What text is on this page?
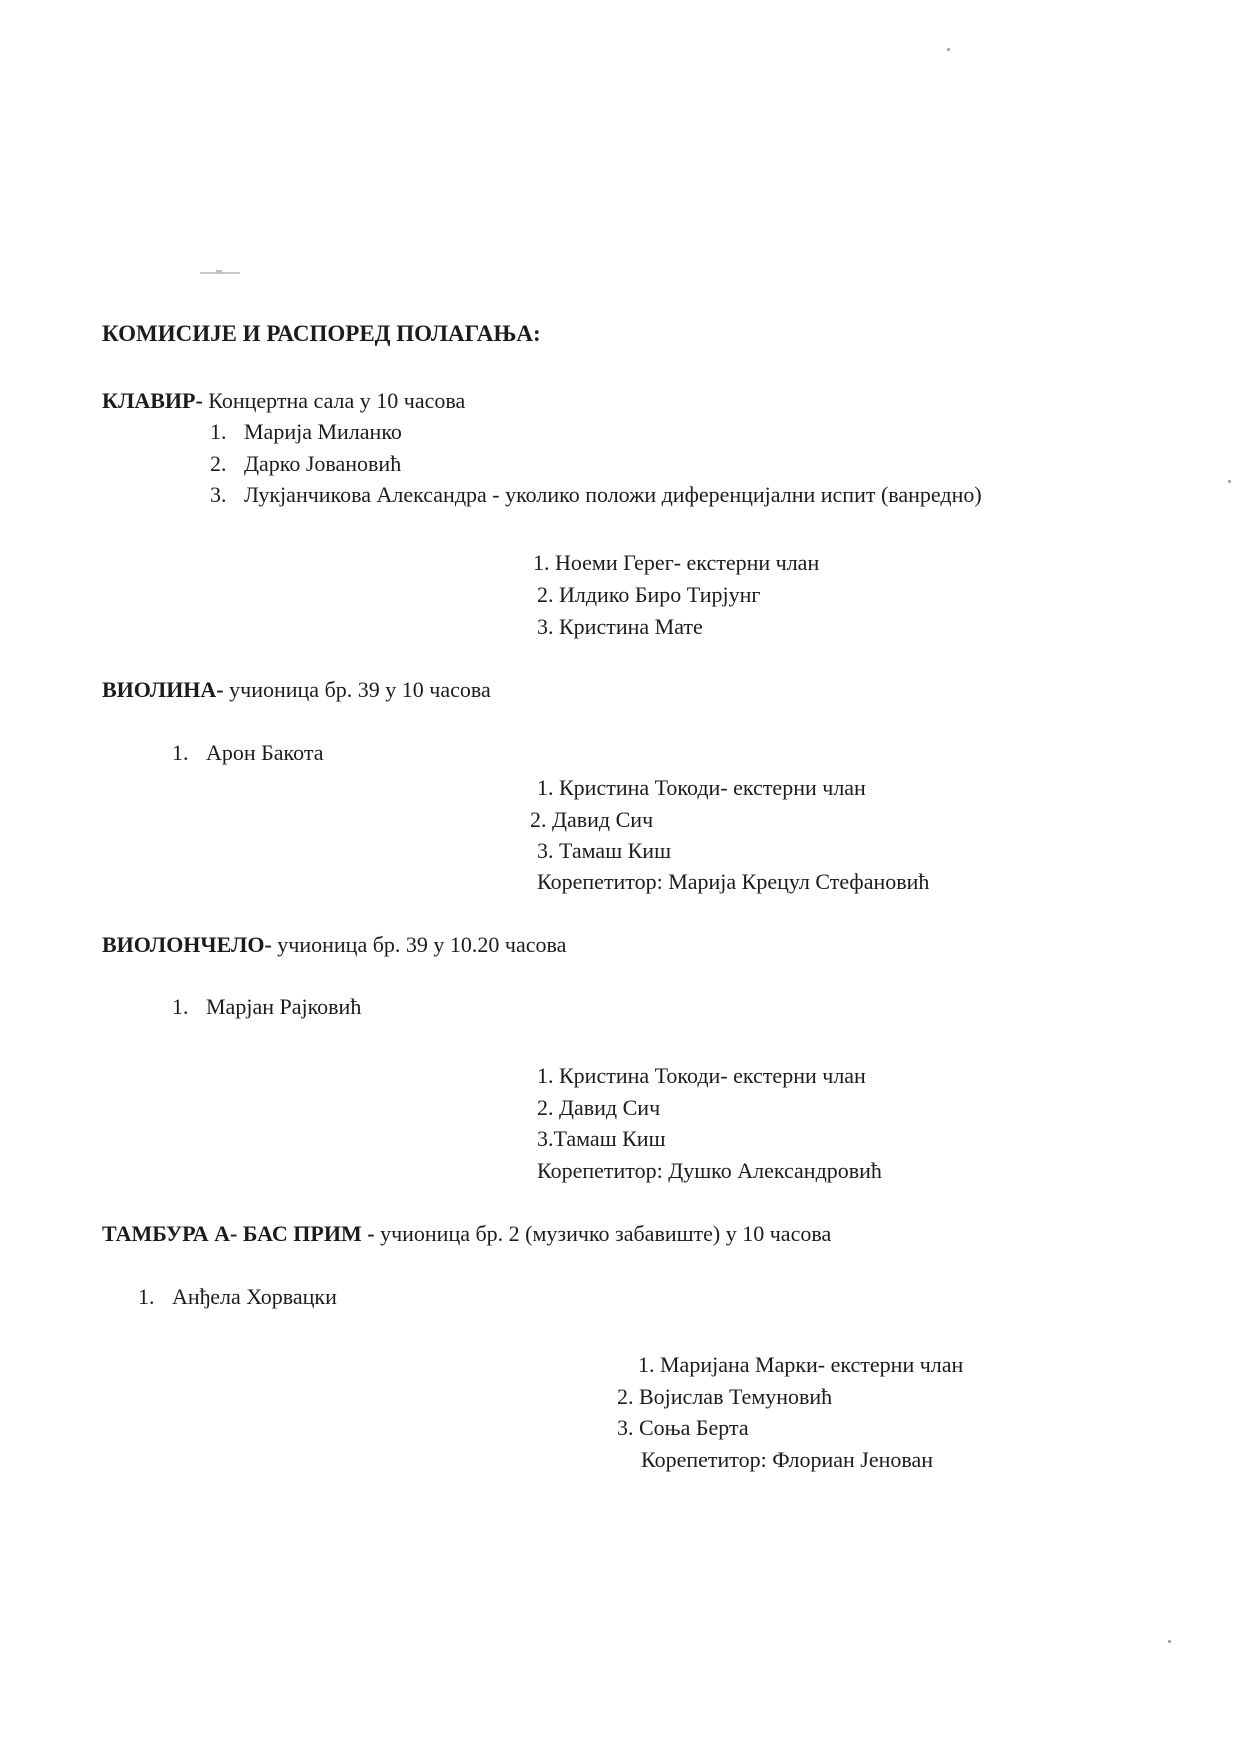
КОМИСИЈЕ И РАСПОРЕД ПОЛАГАЊА:
КЛАВИР- Концертна сала у 10 часова
1. Марија Миланко
2. Дарко Јовановић
3. Лукјанчикова Александра - уколико положи диференцијални испит (ванредно)
1. Ноеми Герег- екстерни члан
2. Илдико Биро Тирјунг
3. Кристина Мате
ВИОЛИНА- учионица бр. 39 у 10 часова
1. Арон Бакота
1. Кристина Токоди- екстерни члан
2. Давид Сич
3. Тамаш Киш
Корепетитор: Марија Крецул Стефановић
ВИОЛОНЧЕЛО- учионица бр. 39 у 10.20 часова
1. Марјан Рајковић
1. Кристина Токоди- екстерни члан
2. Давид Сич
3.Тамаш Киш
Корепетитор: Душко Александровић
ТАМБУРА А- БАС ПРИМ - учионица бр. 2 (музичко забавиште) у 10 часова
1. Анђела Хорвацки
1. Маријана Марки- екстерни члан
2. Војислав Темуновић
3. Соња Берта
Корепетитор: Флориан Јенован
